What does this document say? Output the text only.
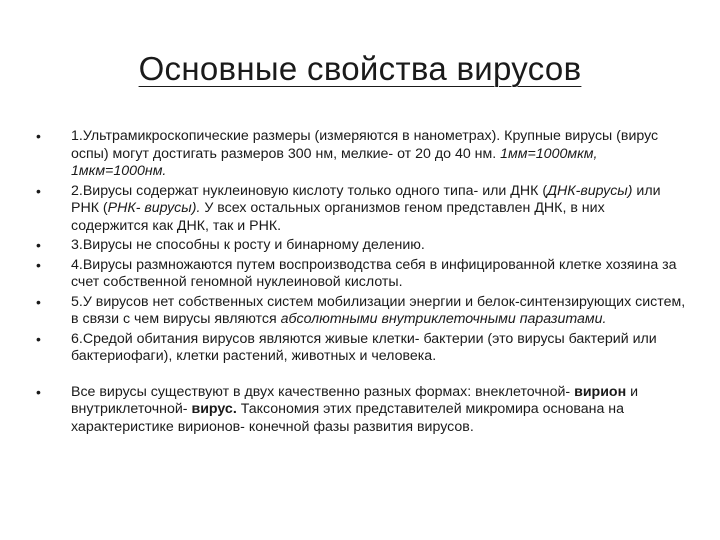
Основные свойства вирусов
• 1.Ультрамикроскопические размеры (измеряются в нанометрах). Крупные вирусы (вирус оспы) могут достигать размеров 300 нм, мелкие- от 20 до 40 нм. 1мм=1000мкм, 1мкм=1000нм.
• 2.Вирусы содержат нуклеиновую кислоту только одного типа- или ДНК (ДНК-вирусы) или РНК (РНК- вирусы). У всех остальных организмов геном представлен ДНК, в них содержится как ДНК, так и РНК.
• 3.Вирусы не способны к росту и бинарному делению.
• 4.Вирусы размножаются путем воспроизводства себя в инфицированной клетке хозяина за счет собственной геномной нуклеиновой кислоты.
• 5.У вирусов нет собственных систем мобилизации энергии и белок-синтензирующих систем, в связи с чем вирусы являются абсолютными внутриклеточными паразитами.
• 6.Средой обитания вирусов являются живые клетки- бактерии (это вирусы бактерий или бактериофаги), клетки растений, животных и человека.
• Все вирусы существуют в двух качественно разных формах: внеклеточной- вирион и внутриклеточной- вирус. Таксономия этих представителей микромира основана на характеристике вирионов- конечной фазы развития вирусов.
